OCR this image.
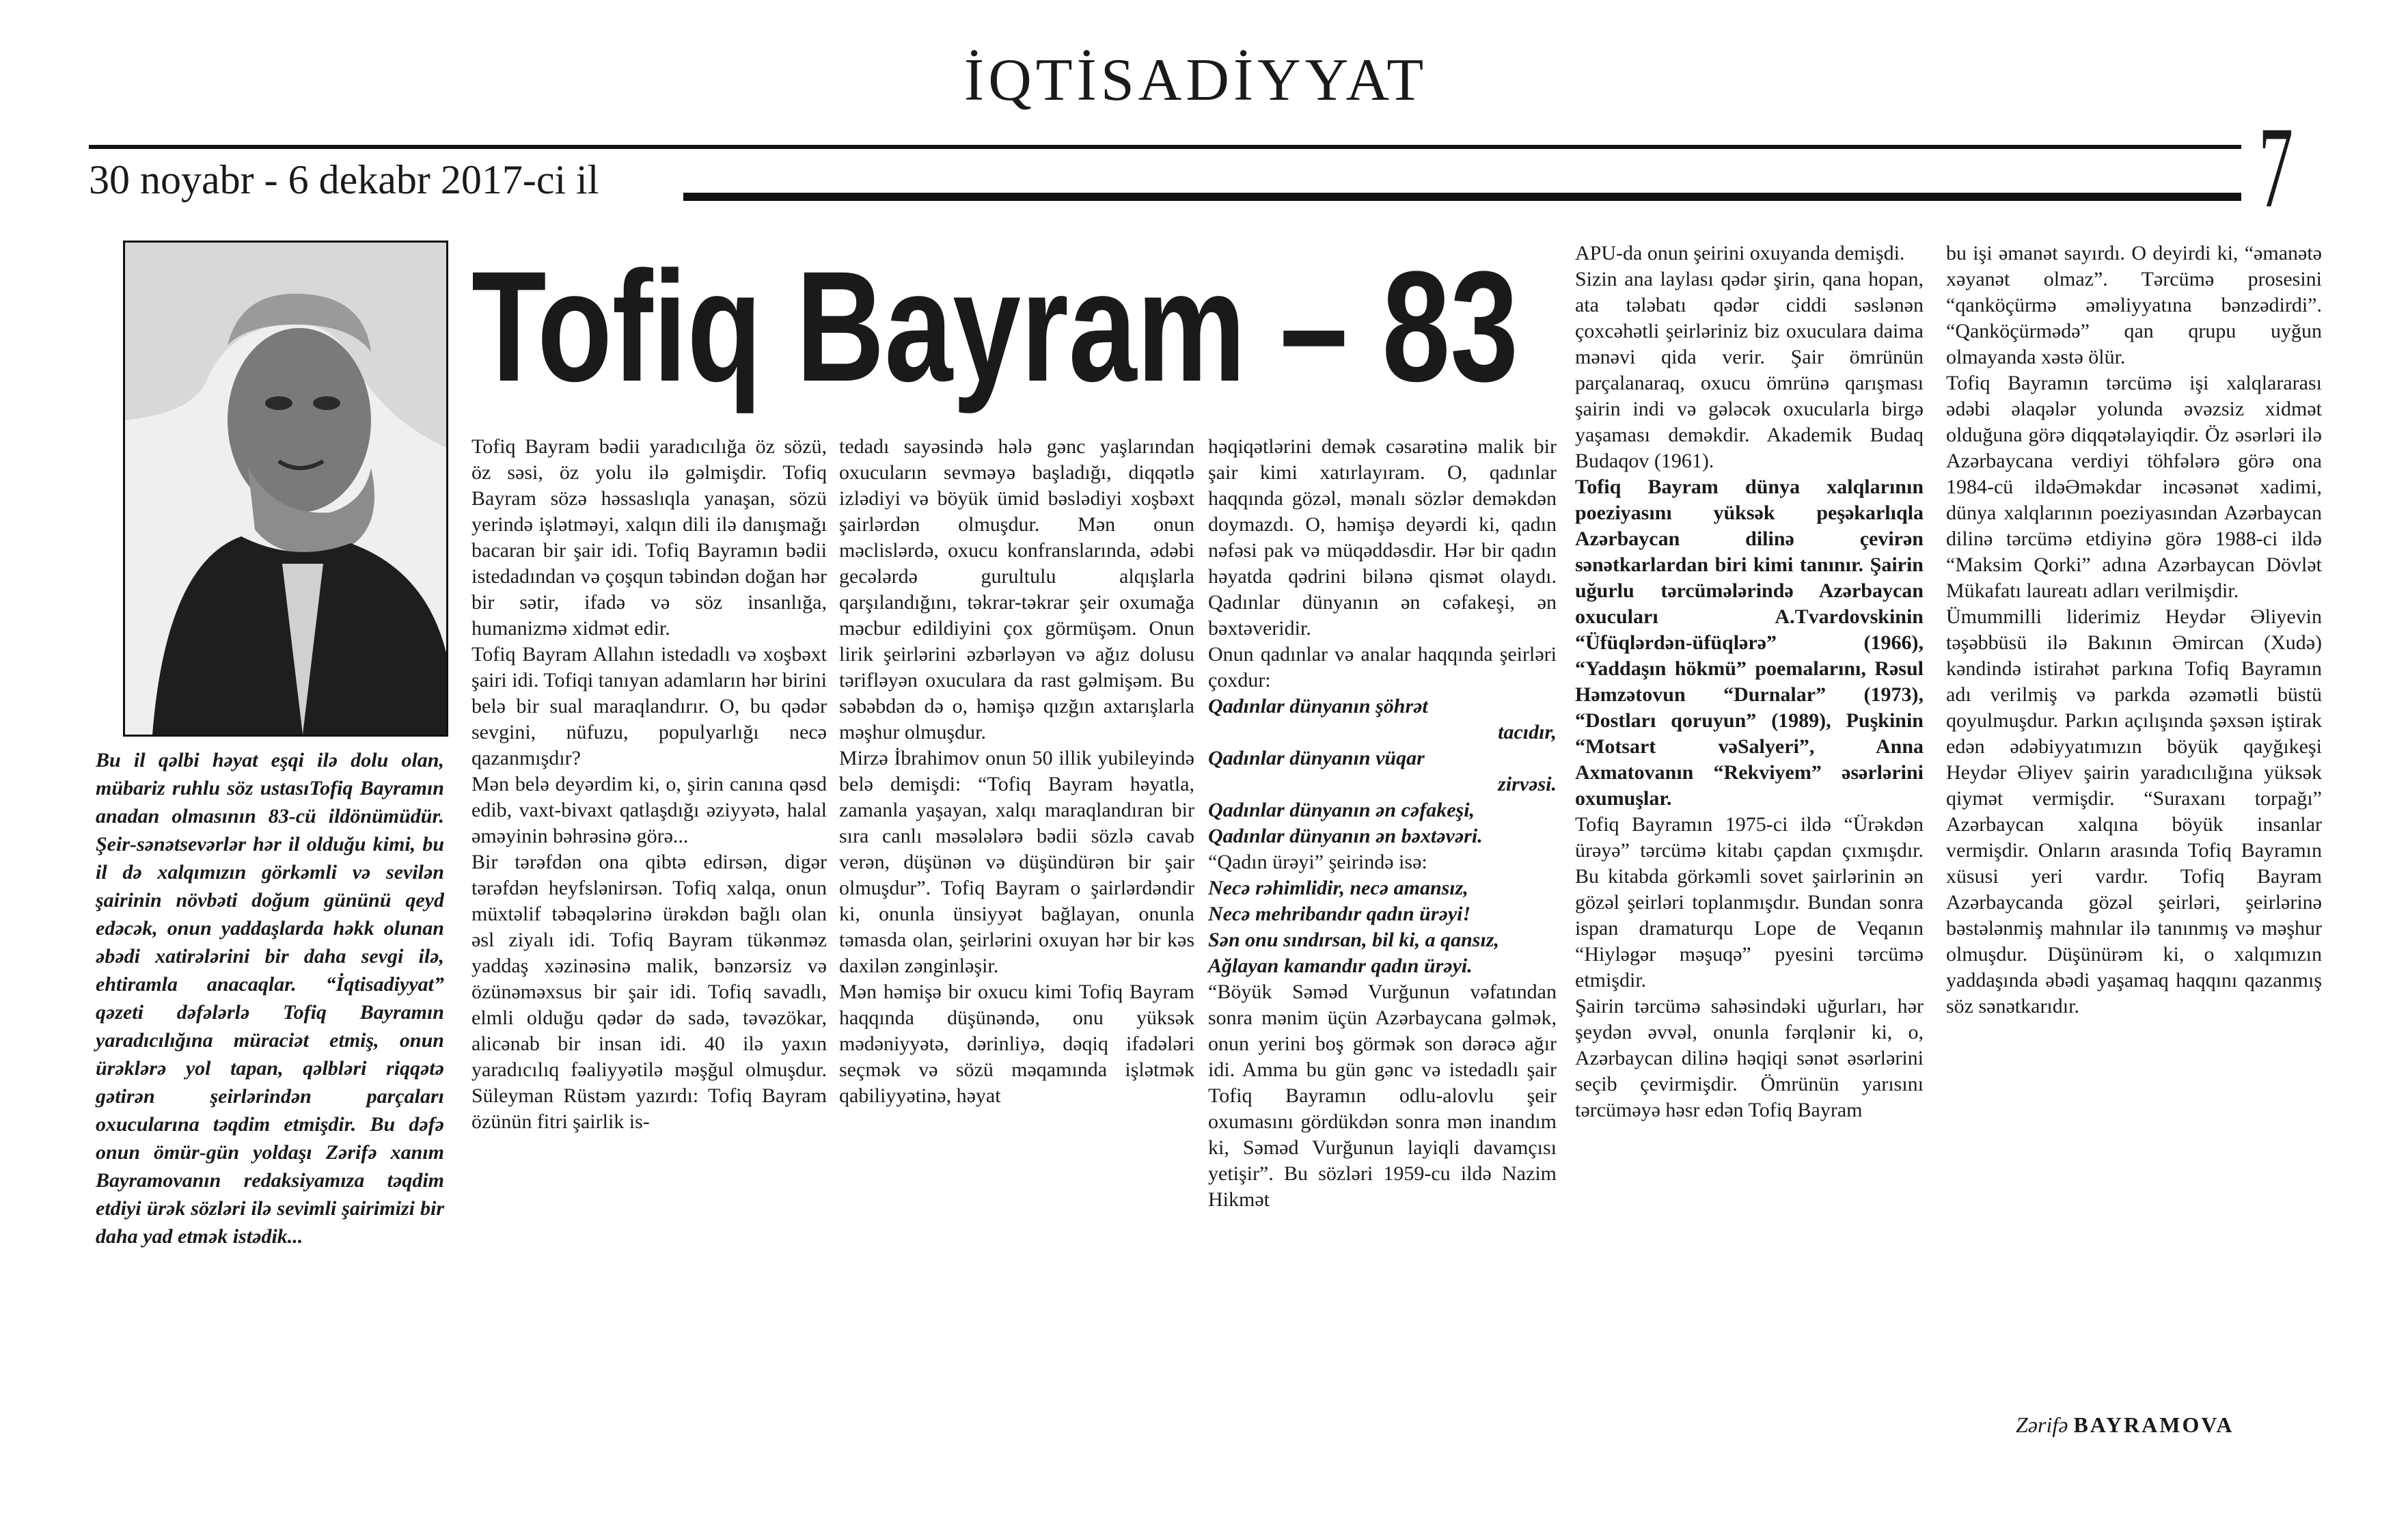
İQTİSADİYYAT
30 noyabr - 6 dekabr 2017-ci il	7
Bu il qəlbi həyat eşqi ilə dolu olan, mübariz ruhlu söz ustasıTofiq Bayramın anadan olmasının 83-cü ildönümüdür. Şeir-sənətsevərlər hər il olduğu kimi, bu il də xalqımızın görkəmli və sevilən şairinin növbəti doğum gününü qeyd edəcək, onun yaddaşlarda həkk olunan əbədi xatirələrini bir daha sevgi ilə, ehtiramla anacaqlar. “İqtisadiyyat” qəzeti dəfələrlə Tofiq Bayramın yaradıcılığına müraciət etmiş, onun ürəklərə yol tapan, qəlbləri riqqətə gətirən şeirlərindən parçaları oxucularına təqdim etmişdir. Bu dəfə onun ömür-gün yoldaşı Zərifə xanım Bayramovanın redaksiyamıza təqdim etdiyi ürək sözləri ilə sevimli şairimizi bir daha yad etmək istədik...
Tofiq Bayram – 83

Tofiq Bayram bədii yaradıcılığa öz sözü, öz səsi, öz yolu ilə gəlmişdir. Tofiq Bayram sözə həssaslıqla yanaşan, sözü yerində işlətməyi, xalqın dili ilə danışmağı bacaran bir şair idi. Tofiq Bayramın bədii istedadından və çoşqun təbindən doğan hər bir sətir, ifadə və söz insanlığa, humanizmə xidmət edir.

Tofiq Bayram Allahın istedadlı və xoşbəxt şairi idi. Tofiqi tanıyan adamların hər birini belə bir sual maraqlandırır. O, bu qədər sevgini, nüfuzu, populyarlığı necə qazanmışdır?

Mən belə deyərdim ki, o, şirin canına qəsd edib, vaxt-bivaxt qatlaşdığı əziyyətə, halal əməyinin bəhrəsinə görə...

Bir tərəfdən ona qibtə edirsən, digər tərəfdən heyfslənirsən. Tofiq xalqa, onun müxtəlif təbəqələrinə ürəkdən bağlı olan əsl ziyalı idi. Tofiq Bayram tükənməz yaddaş xəzinəsinə malik, bənzərsiz və özünəməxsus bir şair idi. Tofiq savadlı, elmli olduğu qədər də sadə, təvəzökar, alicənab bir insan idi. 40 ilə yaxın yaradıcılıq fəaliyyətilə məşğul olmuşdur. Süleyman Rüstəm yazırdı: Tofiq Bayram özünün fitri şairlik is-

tedadı sayəsində hələ gənc yaşlarından oxucuların sevməyə başladığı, diqqətlə izlədiyi və böyük ümid bəslədiyi xoşbəxt şairlərdən olmuşdur. Mən onun məclislərdə, oxucu konfranslarında, ədəbi gecələrdə gurultulu alqışlarla qarşılandığını, təkrar-təkrar şeir oxumağa məcbur edildiyini çox görmüşəm. Onun lirik şeirlərini əzbərləyən və ağız dolusu tərifləyən oxuculara da rast gəlmişəm. Bu səbəbdən də o, həmişə qızğın axtarışlarla məşhur olmuşdur.

Mirzə İbrahimov onun 50 illik yubileyində belə demişdi: “Tofiq Bayram həyatla, zamanla yaşayan, xalqı maraqlandıran bir sıra canlı məsələlərə bədii sözlə cavab verən, düşünən və düşündürən bir şair olmuşdur”. Tofiq Bayram o şairlərdəndir ki, onunla ünsiyyət bağlayan, onunla təmasda olan, şeirlərini oxuyan hər bir kəs daxilən zənginləşir.

Mən həmişə bir oxucu kimi Tofiq Bayram haqqında düşünəndə, onu yüksək mədəniyyətə, dərinliyə, dəqiq ifadələri seçmək və sözü məqamında işlətmək qabiliyyətinə, həyat

həqiqətlərini demək cəsarətinə malik bir şair kimi xatırlayıram. O, qadınlar haqqında gözəl, mənalı sözlər deməkdən doymazdı. O, həmişə deyərdi ki, qadın nəfəsi pak və müqəddəsdir. Hər bir qadın həyatda qədrini bilənə qismət olaydı. Qadınlar dünyanın ən cəfakeşi, ən bəxtəveridir.

Onun qadınlar və analar haqqında şeirləri çoxdur:

Qadınlar dünyanın şöhrət

tacıdır,

Qadınlar dünyanın vüqar

zirvəsi.

Qadınlar dünyanın ən cəfakeşi,

Qadınlar dünyanın ən bəxtəvəri.

“Qadın ürəyi” şeirində isə:

Necə rəhimlidir, necə amansız,

Necə mehribandır qadın ürəyi!

Sən onu sındırsan, bil ki, a qansız,

Ağlayan kamandır qadın ürəyi.

“Böyük Səməd Vurğunun vəfatından sonra mənim üçün Azərbaycana gəlmək, onun yerini boş görmək son dərəcə ağır idi. Amma bu gün gənc və istedadlı şair Tofiq Bayramın odlu-alovlu şeir oxumasını gördükdən sonra mən inandım ki, Səməd Vurğunun layiqli davamçısı yetişir”. Bu sözləri 1959-cu ildə Nazim Hikmət

APU-da onun şeirini oxuyanda demişdi.

Sizin ana laylası qədər şirin, qana hopan, ata tələbatı qədər ciddi səslənən çoxcəhətli şeirləriniz biz oxuculara daima mənəvi qida verir. Şair ömrünün parçalanaraq, oxucu ömrünə qarışması şairin indi və gələcək oxucularla birgə yaşaması deməkdir. Akademik Budaq Budaqov (1961).

Tofiq Bayram dünya xalqlarının poeziyasını yüksək peşəkarlıqla Azərbaycan dilinə çevirən sənətkarlardan biri kimi tanınır. Şairin uğurlu tərcümələrində Azərbaycan oxucuları A.Tvardovskinin “Üfüqlərdən-üfüqlərə” (1966), “Yaddaşın hökmü” poemalarını, Rəsul Həmzətovun “Durnalar” (1973), “Dostları qoruyun” (1989), Puşkinin “Motsart vəSalyeri”, Anna Axmatovanın “Rekviyem” əsərlərini oxumuşlar.

Tofiq Bayramın 1975-ci ildə “Ürəkdən ürəyə” tərcümə kitabı çapdan çıxmışdır. Bu kitabda görkəmli sovet şairlərinin ən gözəl şeirləri toplanmışdır. Bundan sonra ispan dramaturqu Lope de Veqanın “Hiyləgər məşuqə” pyesini tərcümə etmişdir.

Şairin tərcümə sahəsindəki uğurları, hər şeydən əvvəl, onunla fərqlənir ki, o, Azərbaycan dilinə həqiqi sənət əsərlərini seçib çevirmişdir. Ömrünün yarısını tərcüməyə həsr edən Tofiq Bayram

bu işi əmanət sayırdı. O deyirdi ki, “əmanətə xəyanət olmaz”. Tərcümə prosesini “qanköçürmə əməliyyatına bənzədirdi”. “Qanköçürmədə” qan qrupu uyğun olmayanda xəstə ölür.

Tofiq Bayramın tərcümə işi xalqlararası ədəbi əlaqələr yolunda əvəzsiz xidmət olduğuna görə diqqətəlayiqdir. Öz əsərləri ilə Azərbaycana verdiyi töhfələrə görə ona 1984-cü ildəƏməkdar incəsənət xadimi, dünya xalqlarının poeziyasından Azərbaycan dilinə tərcümə etdiyinə görə 1988-ci ildə “Maksim Qorki” adına Azərbaycan Dövlət Mükafatı laureatı adları verilmişdir.

Ümummilli liderimiz Heydər Əliyevin təşəbbüsü ilə Bakının Əmircan (Xudə) kəndində istirahət parkına Tofiq Bayramın adı verilmiş və parkda əzəmətli büstü qoyulmuşdur. Parkın açılışında şəxsən iştirak edən ədəbiyyatımızın böyük qayğıkeşi Heydər Əliyev şairin yaradıcılığına yüksək qiymət vermişdir. “Suraxanı torpağı” Azərbaycan xalqına böyük insanlar vermişdir. Onların arasında Tofiq Bayramın xüsusi yeri vardır. Tofiq Bayram Azərbaycanda gözəl şeirləri, şeirlərinə bəstələnmiş mahnılar ilə tanınmış və məşhur olmuşdur. Düşünürəm ki, o xalqımızın yaddaşında əbədi yaşamaq haqqını qazanmış söz sənətkarıdır.

Zərifə BAYRAMOVA
